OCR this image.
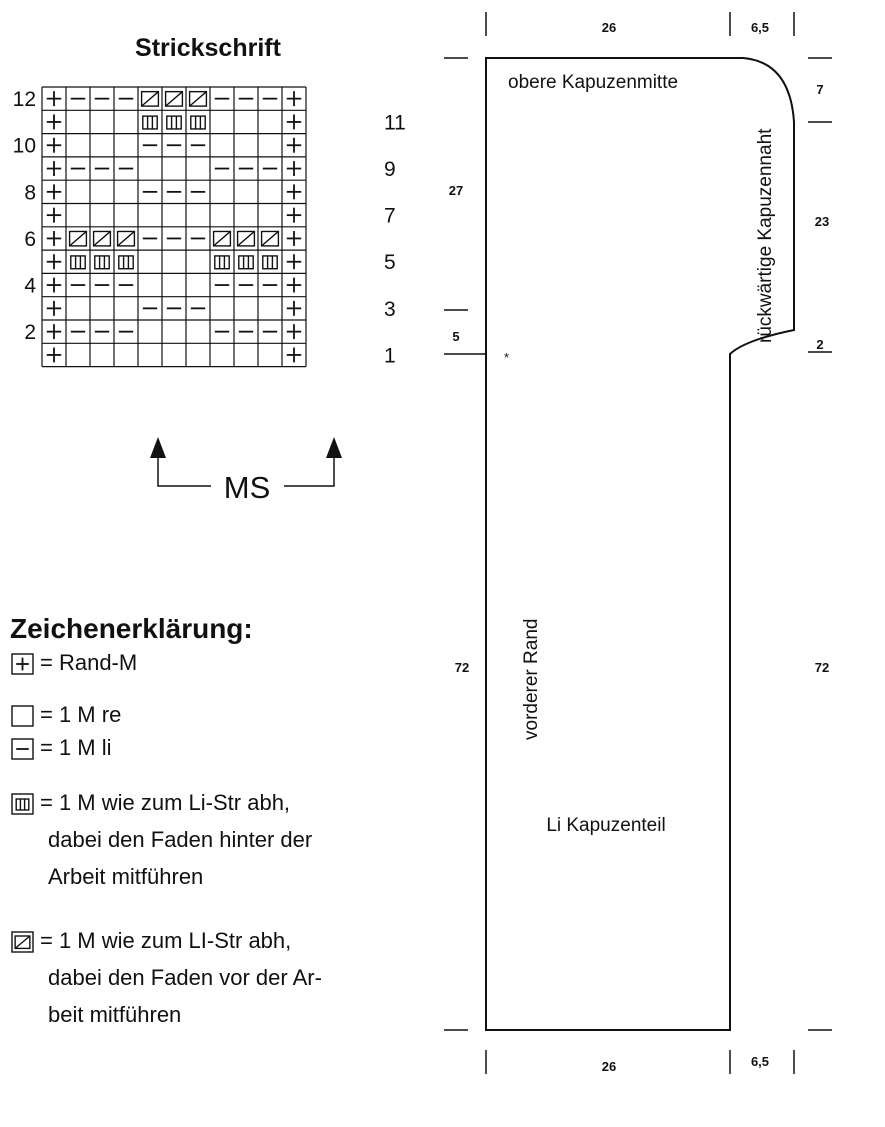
Strickschrift
12
10
8
6
4
2
11
9
7
5
3
1
MS
Zeichenerklärung:
= Rand-M
= 1 M re
= 1 M li
= 1 M wie zum Li-Str abh,
dabei den Faden hinter der
Arbeit mitführen
= 1 M wie zum LI-Str abh,
dabei den Faden vor der Ar-
beit mitführen
26	6,5
26	6,5
27
5
72
7
23
2
72
*
obere Kapuzenmitte
rückwärtige Kapuzennaht
vorderer Rand
Li Kapuzenteil
